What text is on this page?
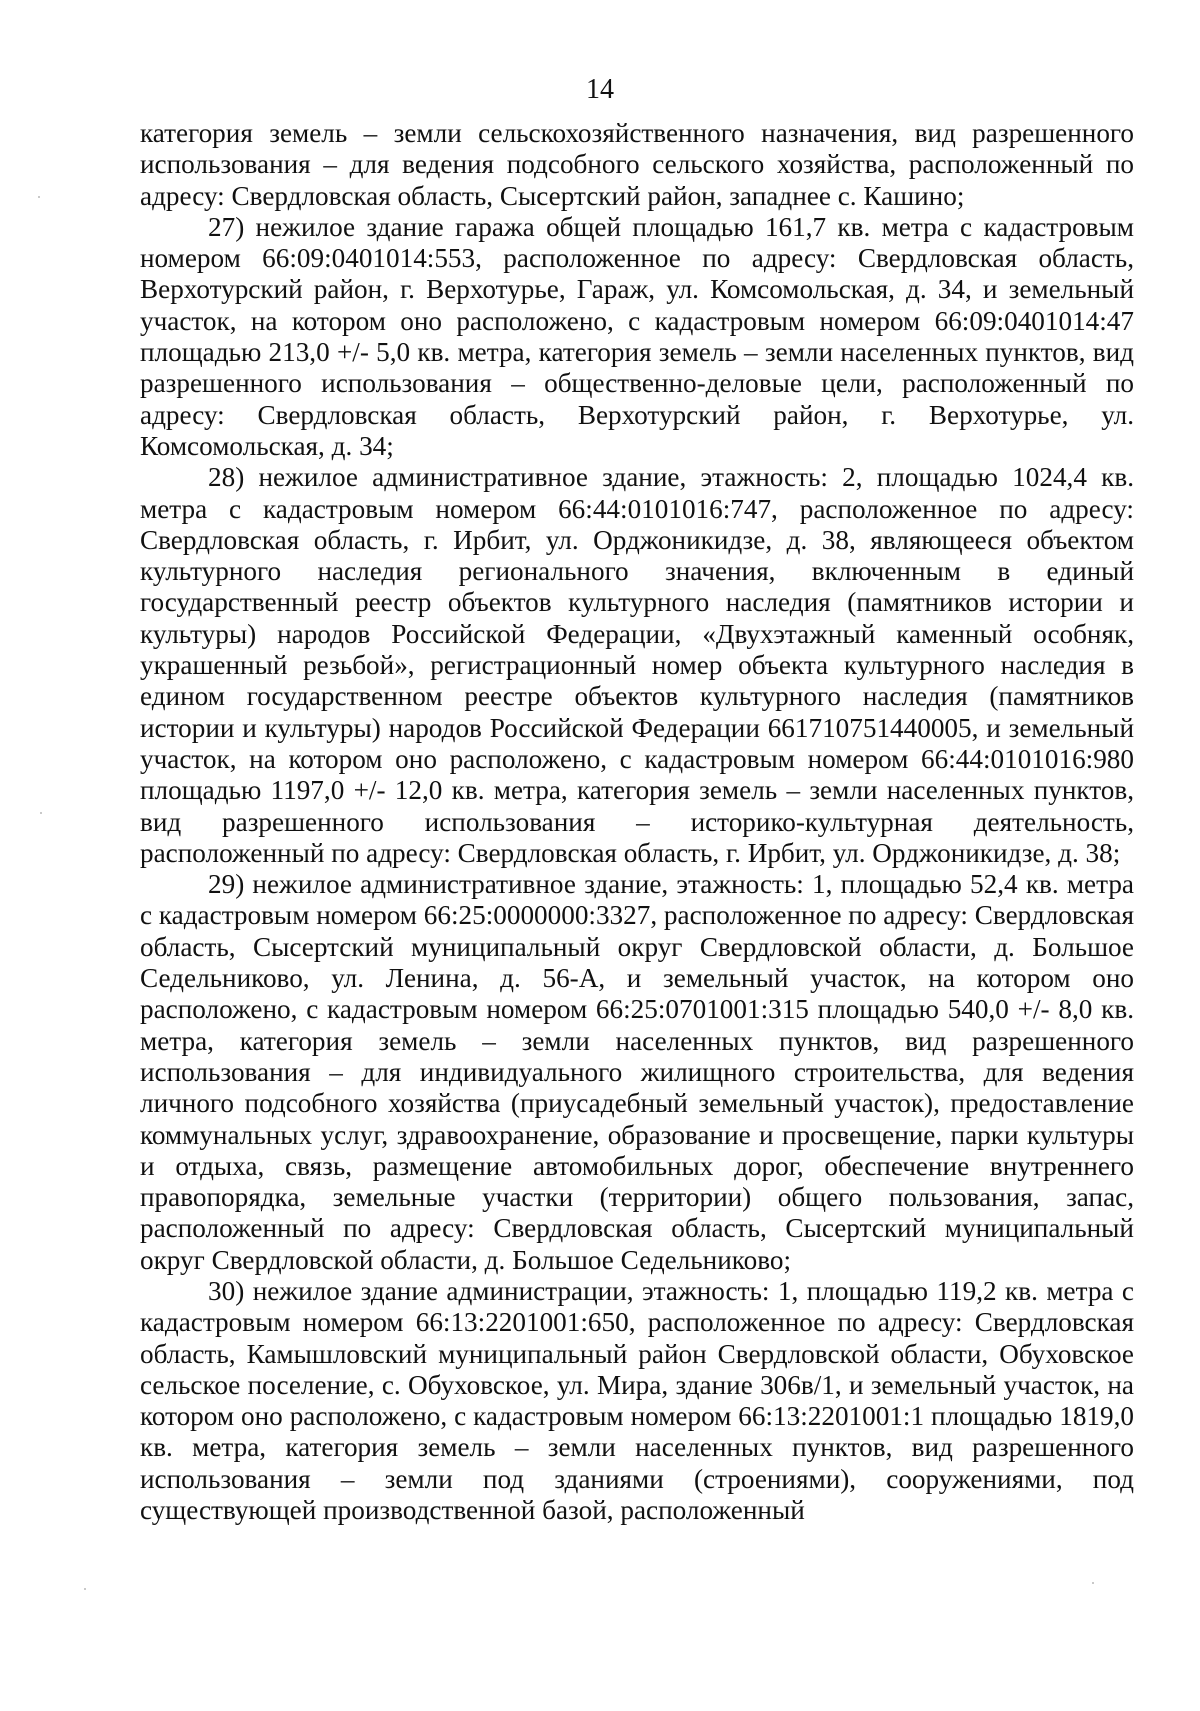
14

категория земель – земли сельскохозяйственного назначения, вид разрешенного использования – для ведения подсобного сельского хозяйства, расположенный по адресу: Свердловская область, Сысертский район, западнее с. Кашино;

27) нежилое здание гаража общей площадью 161,7 кв. метра с кадастровым номером 66:09:0401014:553, расположенное по адресу: Свердловская область, Верхотурский район, г. Верхотурье, Гараж, ул. Комсомольская, д. 34, и земельный участок, на котором оно расположено, с кадастровым номером 66:09:0401014:47 площадью 213,0 +/- 5,0 кв. метра, категория земель – земли населенных пунктов, вид разрешенного использования – общественно-деловые цели, расположенный по адресу: Свердловская область, Верхотурский район, г. Верхотурье, ул. Комсомольская, д. 34;

28) нежилое административное здание, этажность: 2, площадью 1024,4 кв. метра с кадастровым номером 66:44:0101016:747, расположенное по адресу: Свердловская область, г. Ирбит, ул. Орджоникидзе, д. 38, являющееся объектом культурного наследия регионального значения, включенным в единый государственный реестр объектов культурного наследия (памятников истории и культуры) народов Российской Федерации, «Двухэтажный каменный особняк, украшенный резьбой», регистрационный номер объекта культурного наследия в едином государственном реестре объектов культурного наследия (памятников истории и культуры) народов Российской Федерации 661710751440005, и земельный участок, на котором оно расположено, с кадастровым номером 66:44:0101016:980 площадью 1197,0 +/- 12,0 кв. метра, категория земель – земли населенных пунктов, вид разрешенного использования – историко-культурная деятельность, расположенный по адресу: Свердловская область, г. Ирбит, ул. Орджоникидзе, д. 38;

29) нежилое административное здание, этажность: 1, площадью 52,4 кв. метра с кадастровым номером 66:25:0000000:3327, расположенное по адресу: Свердловская область, Сысертский муниципальный округ Свердловской области, д. Большое Седельниково, ул. Ленина, д. 56-А, и земельный участок, на котором оно расположено, с кадастровым номером 66:25:0701001:315 площадью 540,0 +/- 8,0 кв. метра, категория земель – земли населенных пунктов, вид разрешенного использования – для индивидуального жилищного строительства, для ведения личного подсобного хозяйства (приусадебный земельный участок), предоставление коммунальных услуг, здравоохранение, образование и просвещение, парки культуры и отдыха, связь, размещение автомобильных дорог, обеспечение внутреннего правопорядка, земельные участки (территории) общего пользования, запас, расположенный по адресу: Свердловская область, Сысертский муниципальный округ Свердловской области, д. Большое Седельниково;

30) нежилое здание администрации, этажность: 1, площадью 119,2 кв. метра с кадастровым номером 66:13:2201001:650, расположенное по адресу: Свердловская область, Камышловский муниципальный район Свердловской области, Обуховское сельское поселение, с. Обуховское, ул. Мира, здание 306в/1, и земельный участок, на котором оно расположено, с кадастровым номером 66:13:2201001:1 площадью 1819,0 кв. метра, категория земель – земли населенных пунктов, вид разрешенного использования – земли под зданиями (строениями), сооружениями, под существующей производственной базой, расположенный
